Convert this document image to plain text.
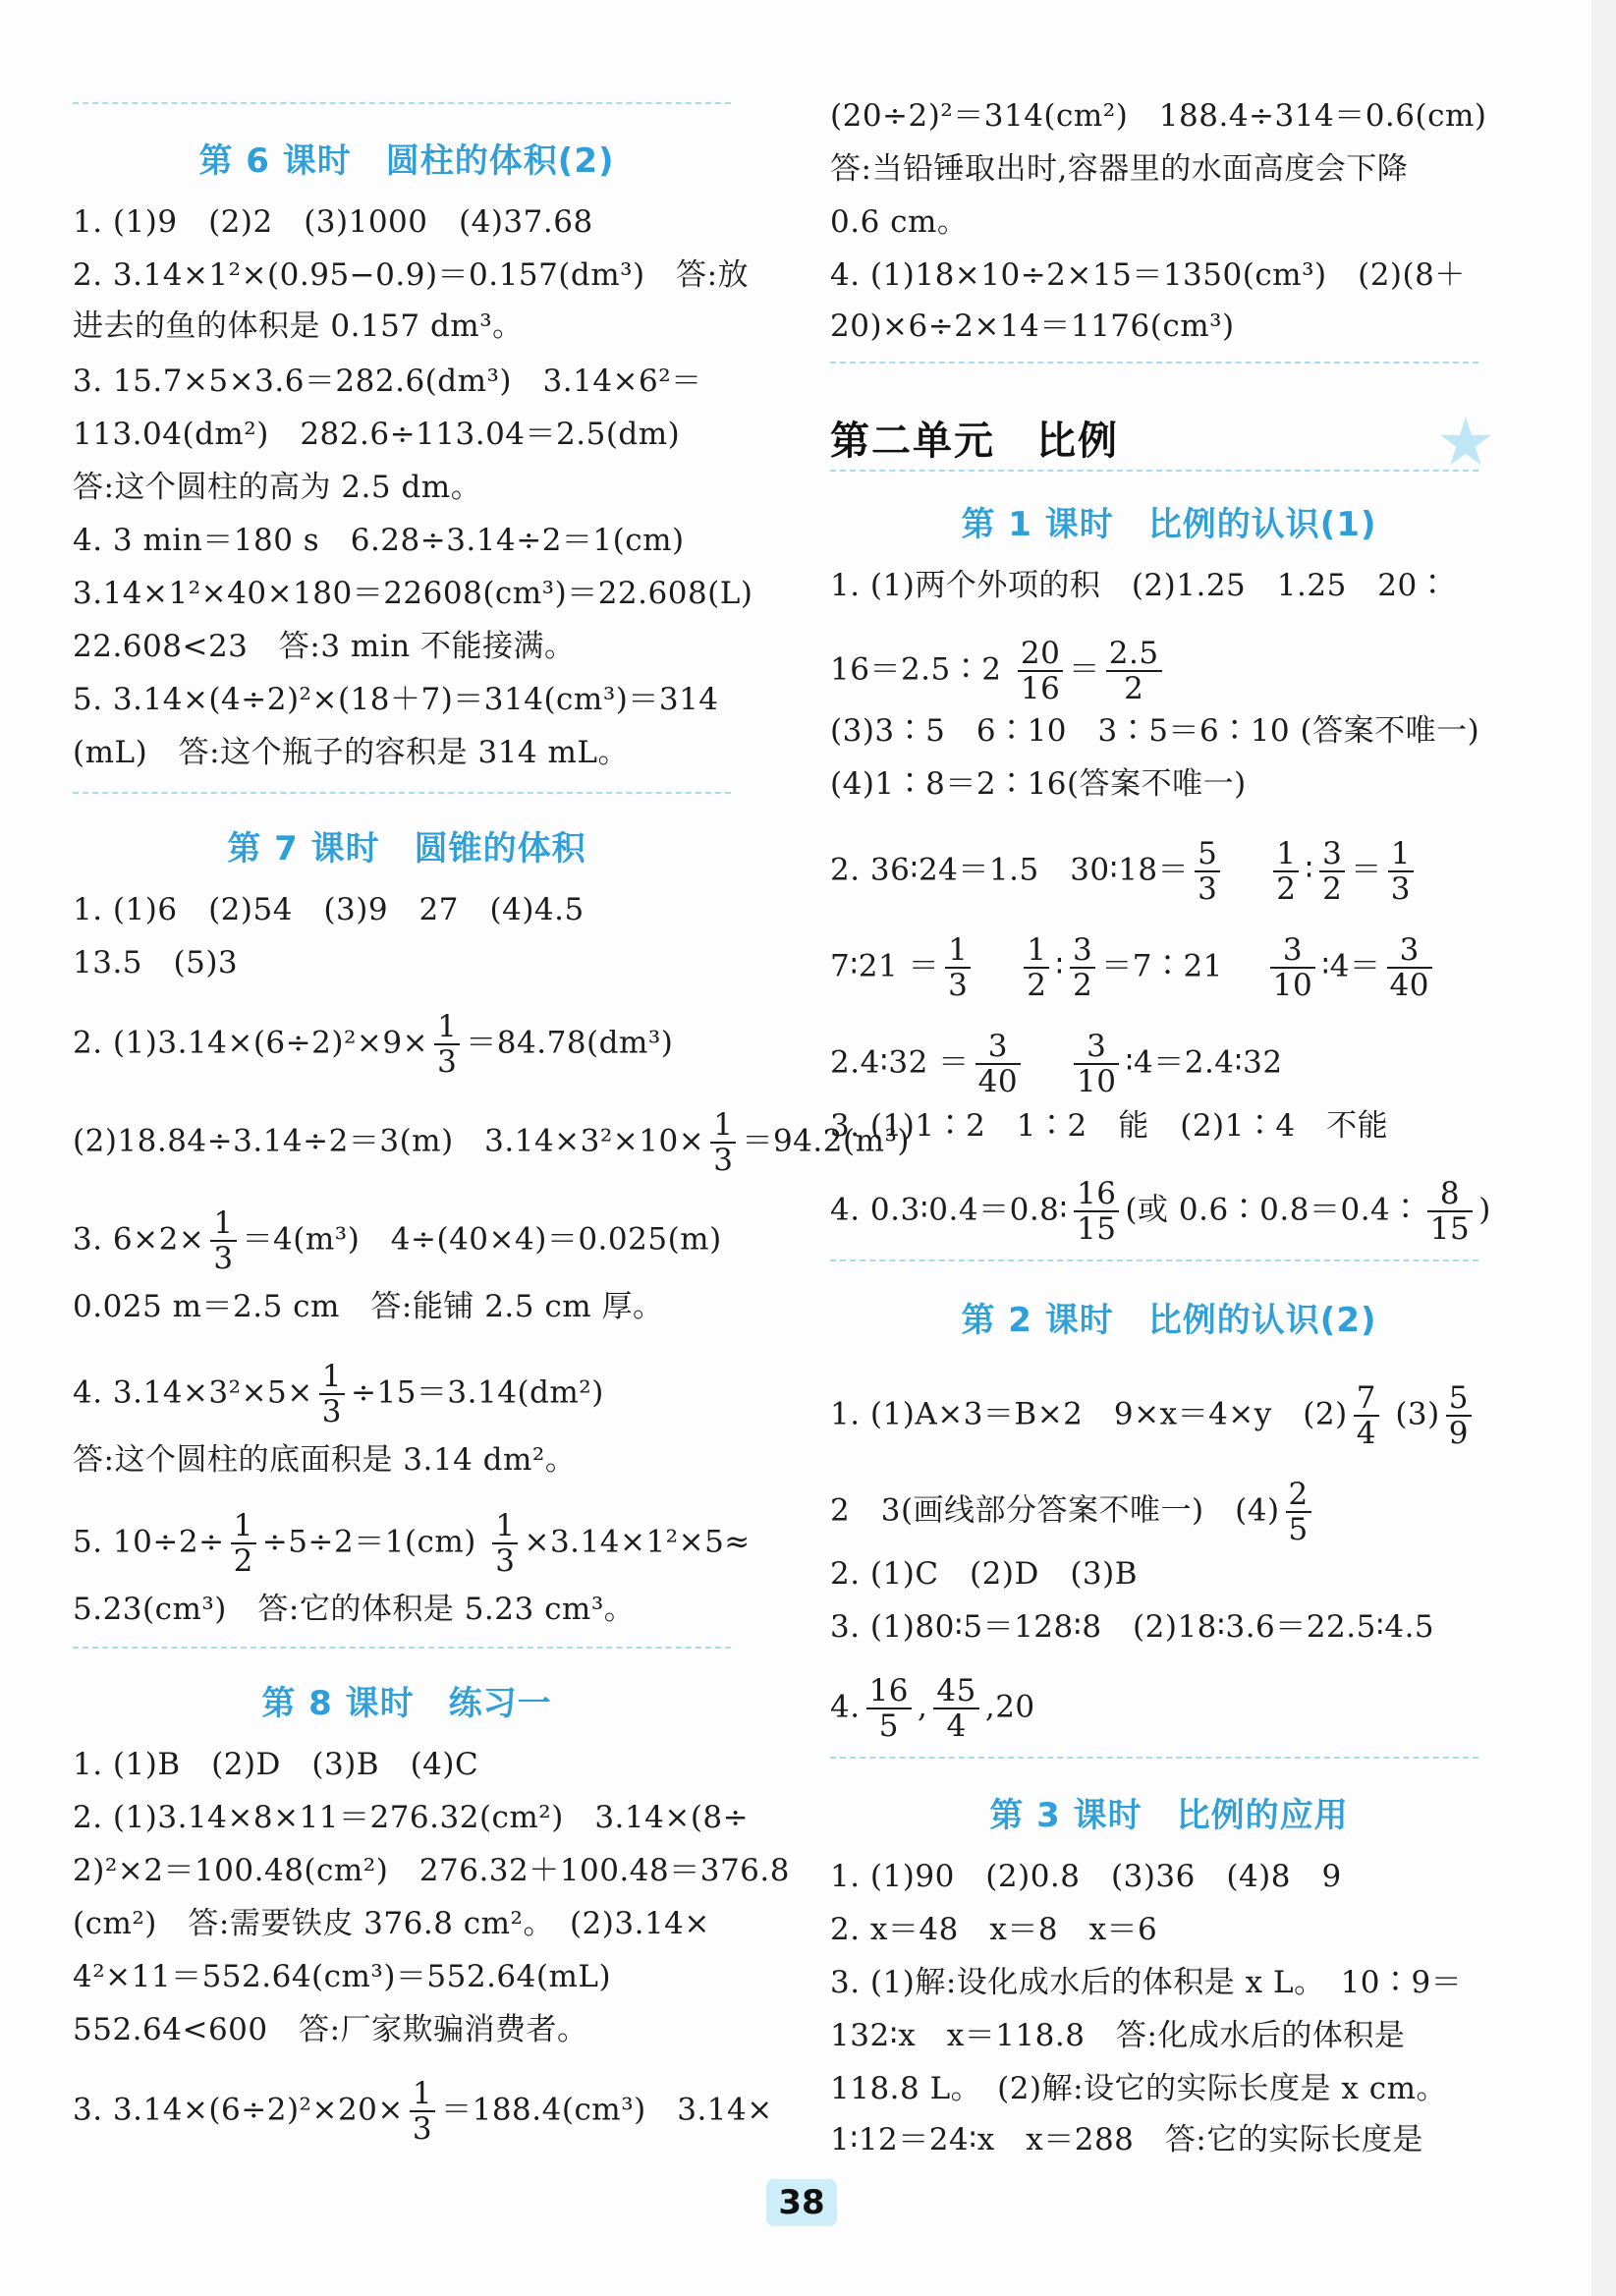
第 6 课时　圆柱的体积(2)
1. (1)9　(2)2　(3)1000　(4)37.68
2. 3.14×1²×(0.95−0.9)＝0.157(dm³)　答:放
进去的鱼的体积是 0.157 dm³。
3. 15.7×5×3.6＝282.6(dm³)　3.14×6²＝
113.04(dm²)　282.6÷113.04＝2.5(dm)
答:这个圆柱的高为 2.5 dm。
4. 3 min＝180 s　6.28÷3.14÷2＝1(cm)
3.14×1²×40×180＝22608(cm³)＝22.608(L)
22.608<23　答:3 min 不能接满。
5. 3.14×(4÷2)²×(18＋7)＝314(cm³)＝314
(mL)　答:这个瓶子的容积是 314 mL。
第 7 课时　圆锥的体积
1. (1)6　(2)54　(3)9　27　(4)4.5
13.5　(5)3
2. $(1)3.14\times(6\div 2)^2\times 9\times \frac{1}{3} =84.78(dm^3)$
(2)18.84÷3.14÷2＝3(m)　$3.14\times 3^2\times 10\times \frac{1}{3} =94.2(m^3)$
3. $6\times 2\times \frac{1}{3} =4(m^3)$　4÷(40×4)＝0.025(m)
0.025 m＝2.5 cm　答:能铺 2.5 cm 厚。
4. $3.14\times 3^2\times 5\times \frac{1}{3} \div 15=3.14(dm^2)$
答:这个圆柱的底面积是 3.14 dm²。
5. $10\div 2\div \frac{1}{2} \div 5\div 2=1(cm) \frac{1}{3} \times 3.14\times 1^2\times 5\approx$
5.23(cm³)　答:它的体积是 5.23 cm³。
第 8 课时　练习一
1. (1)B　(2)D　(3)B　(4)C
2. (1)3.14×8×11＝276.32(cm²)　3.14×(8÷
2)²×2＝100.48(cm²)　276.32＋100.48＝376.8
(cm²)　答:需要铁皮 376.8 cm²。　(2)3.14×
4²×11＝552.64(cm³)＝552.64(mL)
552.64<600　答:厂家欺骗消费者。
3. $3.14\times(6\div 2)^2\times 20\times \frac{1}{3} =188.4(cm^3)$　3.14×
(20÷2)²＝314(cm²)　188.4÷314＝0.6(cm)
答:当铅锤取出时,容器里的水面高度会下降
0.6 cm。
4. (1)18×10÷2×15＝1350(cm³)　(2)(8＋
20)×6÷2×14＝1176(cm³)
第二单元　比例
第 1 课时　比例的认识(1)
1. (1)两个外项的积　(2)1.25　1.25　20∶
16＝2.5∶2 $\frac{20}{16} = \frac{2.5}{2}$
(3)3∶5　6∶10　3∶5＝6∶10 (答案不唯一)
(4)1∶8＝2∶16(答案不唯一)
2. 36∶24＝1.5　30∶18＝ $\frac{5}{3}$
　 $\frac{1}{2}$ ∶ $\frac{3}{2} = \frac{1}{3}$
7∶21 ＝ $\frac{1}{3}$
　 $\frac{1}{2}$ ∶ $\frac{3}{2}$ ＝7∶21 　 $\frac{3}{10}$ ∶4＝ $\frac{3}{40}$
2.4∶32 ＝ $\frac{3}{40}$
　 $\frac{3}{10}$ ∶4＝2.4∶32
3. (1)1∶2　1∶2　能　(2)1∶4　不能
4. 0.3∶0.4＝0.8∶ $\frac{16}{15}$ (或 0.6∶0.8＝0.4∶ $\frac{8}{15}$ )
第 2 课时　比例的认识(2)
1. (1)A×3＝B×2　9×x＝4×y　$(2) \frac{7}{4} (3) \frac{5}{9}$
2　3(画线部分答案不唯一)　$(4) \frac{2}{5}$
2. (1)C　(2)D　(3)B
3. (1)80∶5＝128∶8　(2)18∶3.6＝22.5∶4.5
4. $\frac{16}{5}$ , $\frac{45}{4} ,20$
第 3 课时　比例的应用
1. (1)90　(2)0.8　(3)36　(4)8　9
2. x＝48　x＝8　x＝6
3. (1)解:设化成水后的体积是 x L。　10∶9＝
132∶x　x＝118.8　答:化成水后的体积是
118.8 L。　(2)解:设它的实际长度是 x cm。
1∶12＝24∶x　x＝288　答:它的实际长度是
38
